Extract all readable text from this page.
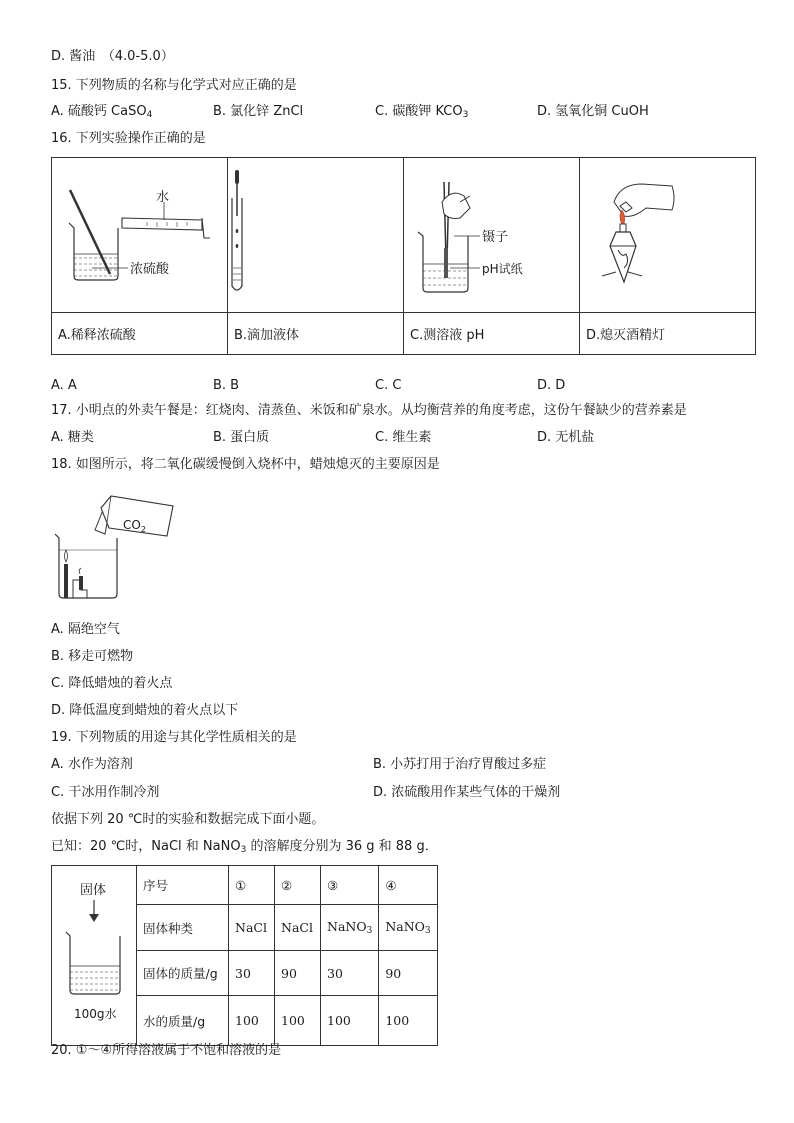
D. 酱油　（4.0-5.0）
15. 下列物质的名称与化学式对应正确的是
A. 硫酸钙 CaSO$_4$	B. 氯化锌 ZnCl	C. 碳酸钾 $KCO_3$	D. 氢氧化铜 CuOH
16. 下列实验操作正确的是
水
浓硫酸		镊子
pH试纸

A.稀释浓硫酸	B.滴加液体	C.测溶液 pH	D.熄灭酒精灯
A. A	B. B	C. C	D. D
17. 小明点的外卖午餐是：红烧肉、清蒸鱼、米饭和矿泉水。从均衡营养的角度考虑，这份午餐缺少的营养素是
A. 糖类	B. 蛋白质	C. 维生素	D. 无机盐
18. 如图所示，将二氧化碳缓慢倒入烧杯中，蜡烛熄灭的主要原因是
$CO_2$
A. 隔绝空气
B. 移走可燃物
C. 降低蜡烛的着火点
D. 降低温度到蜡烛的着火点以下
19. 下列物质的用途与其化学性质相关的是
A. 水作为溶剂	B. 小苏打用于治疗胃酸过多症
C. 干冰用作制冷剂	D. 浓硫酸用作某些气体的干燥剂
依据下列 20 ℃时的实验和数据完成下面小题。
已知：20 ℃时，NaCl 和 NaNO$_3$ 的溶解度分别为 36 g 和 88 g．
固体
100g水	序号	①	②	③	④
	固体种类	NaCl	NaCl	NaNO$_3$	NaNO$_3$
	固体的质量/g	30	90	30	90
	水的质量/g	100	100	100	100
20. ①～④所得溶液属于不饱和溶液的是
